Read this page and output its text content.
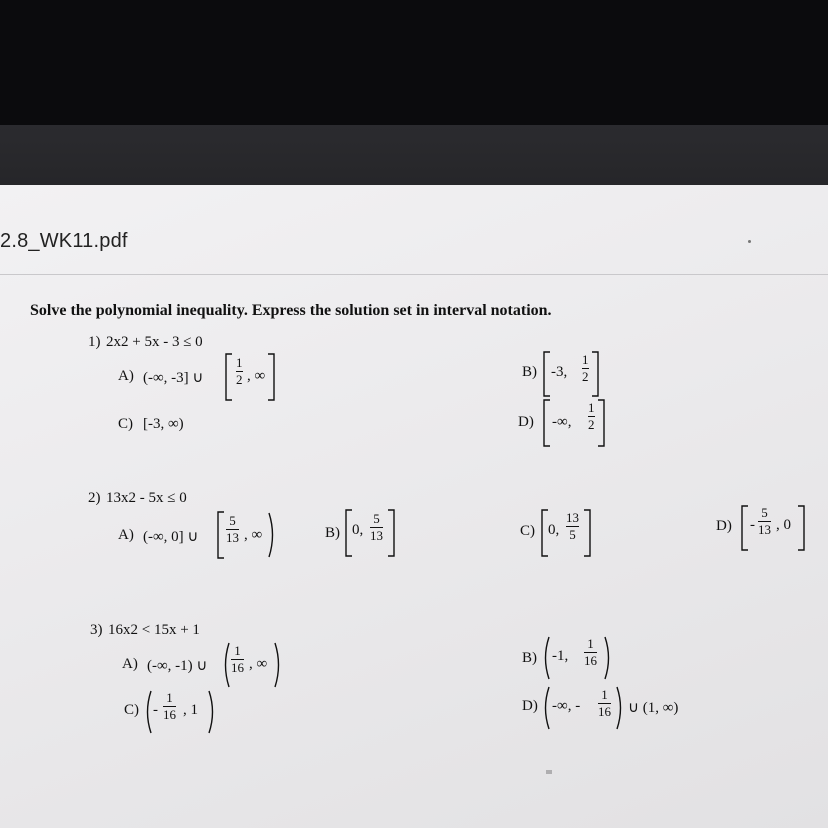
2.8_WK11.pdf
Solve the polynomial inequality. Express the solution set in interval notation.
1) 2x2 + 5x - 3 ≤ 0
A) (-∞, -3] ∪
1
2 , ∞	B) -3,
1
2
C) [-3, ∞)	D) -∞,
1
2
2) 13x2 - 5x ≤ 0
A) (-∞, 0] ∪
5
13 , ∞	B) 0,
5
13	C) 0,
13
5
D) -
5
13 , 0
3) 16x2 < 15x + 1
A) (-∞, -1) ∪
1
16 , ∞	B) -1,
1
16
C) -
1
16 , 1	D) -∞, -
1
16 ∪ (1, ∞)
